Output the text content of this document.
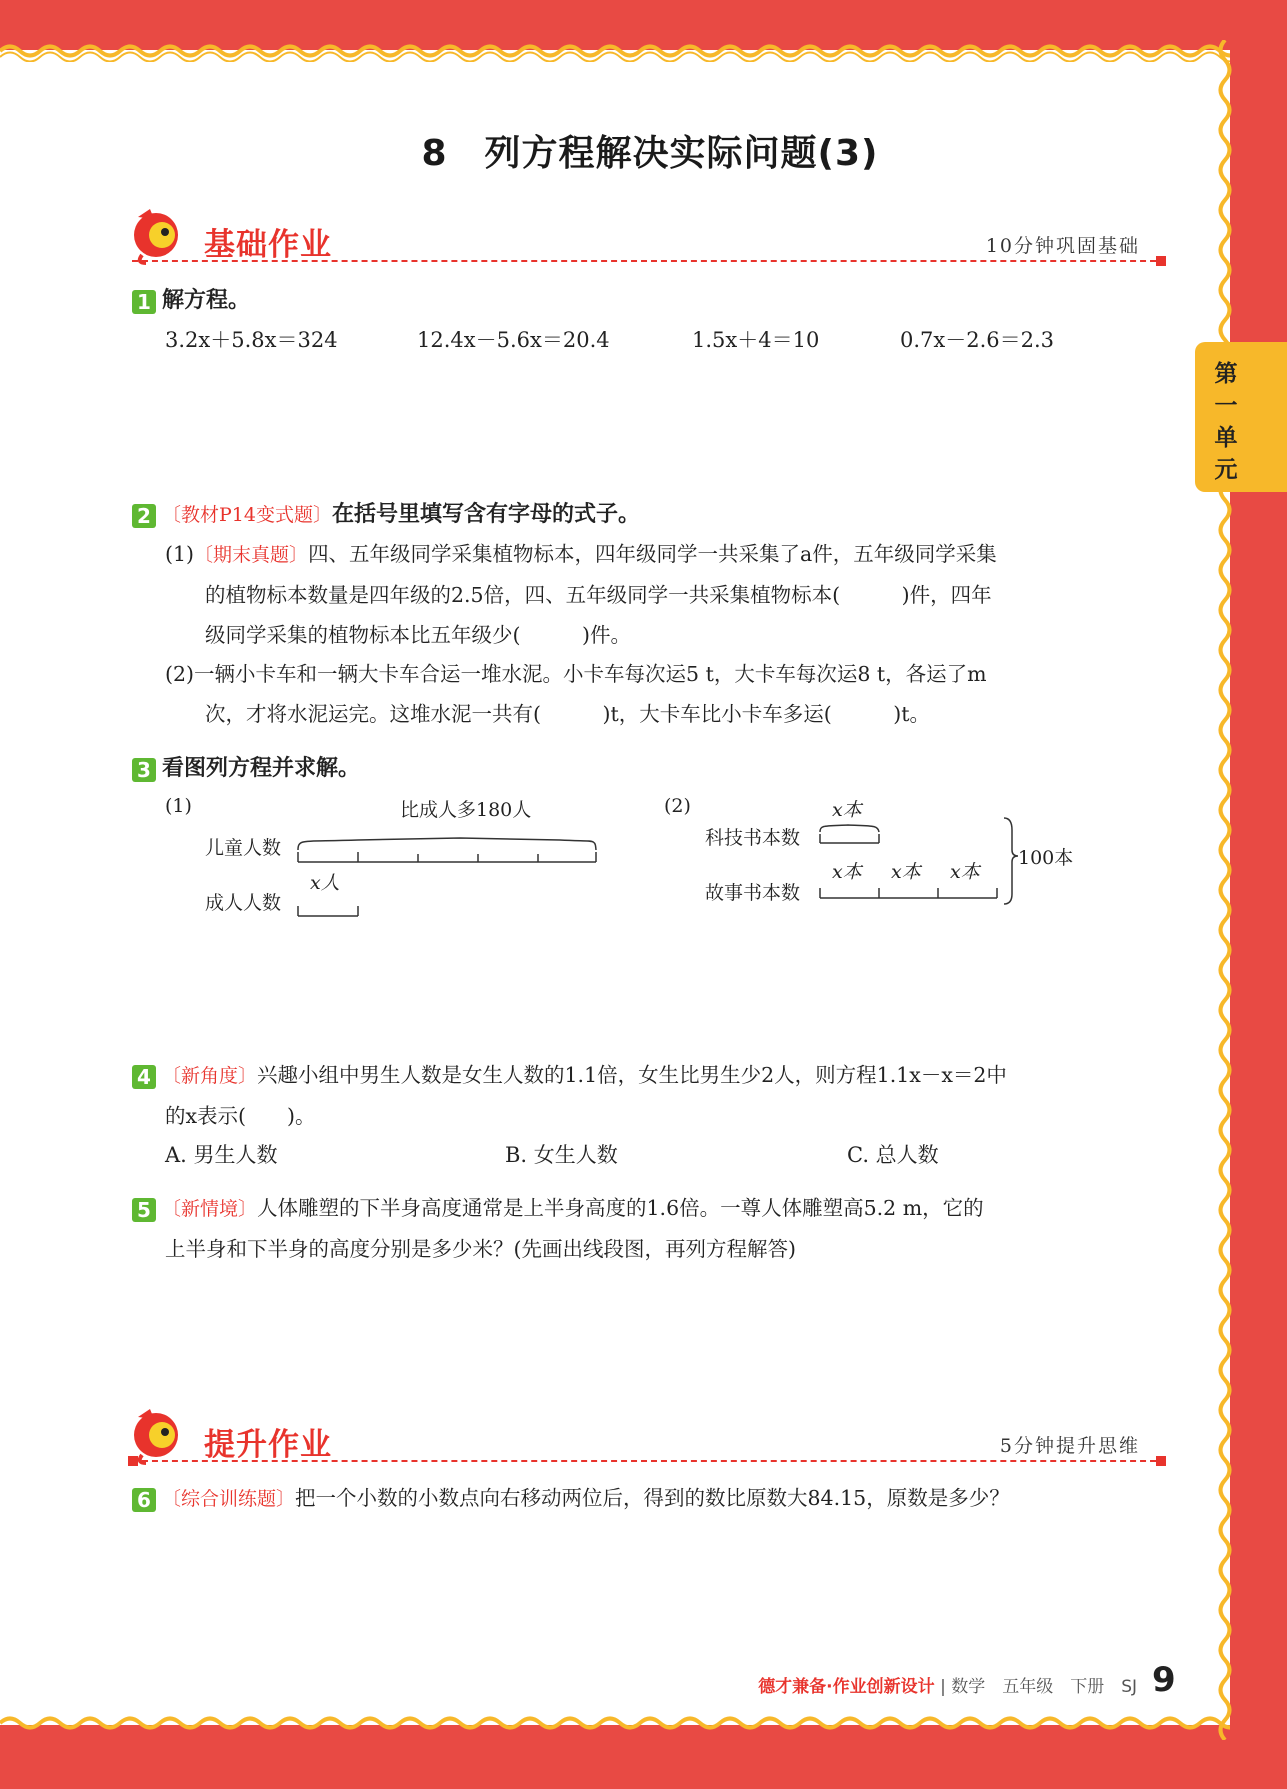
第一单元
8　列方程解决实际问题(3)
基础作业	10分钟巩固基础
1 解方程。
3.2x＋5.8x＝324	12.4x－5.6x＝20.4	1.5x＋4＝10	0.7x－2.6＝2.3
2 〔教材P14变式题〕在括号里填写含有字母的式子。
(1)〔期末真题〕四、五年级同学采集植物标本，四年级同学一共采集了a件，五年级同学采集
的植物标本数量是四年级的2.5倍，四、五年级同学一共采集植物标本(　　　)件，四年
级同学采集的植物标本比五年级少(　　　)件。
(2)一辆小卡车和一辆大卡车合运一堆水泥。小卡车每次运5 t，大卡车每次运8 t，各运了m
次，才将水泥运完。这堆水泥一共有(　　　)t，大卡车比小卡车多运(　　　)t。
3 看图列方程并求解。
(1)	比成人多180人
儿童人数
成人人数
x人
(2)	x本
科技书本数
故事书本数
x本 x本 x本
100本
4 〔新角度〕兴趣小组中男生人数是女生人数的1.1倍，女生比男生少2人，则方程1.1x－x＝2中
的x表示(　　)。
A. 男生人数	B. 女生人数	C. 总人数
5 〔新情境〕人体雕塑的下半身高度通常是上半身高度的1.6倍。一尊人体雕塑高5.2 m，它的
上半身和下半身的高度分别是多少米？(先画出线段图，再列方程解答)
提升作业	5分钟提升思维
6 〔综合训练题〕把一个小数的小数点向右移动两位后，得到的数比原数大84.15，原数是多少？
德才兼备·作业创新设计 | 数学　五年级　下册　SJ 9
